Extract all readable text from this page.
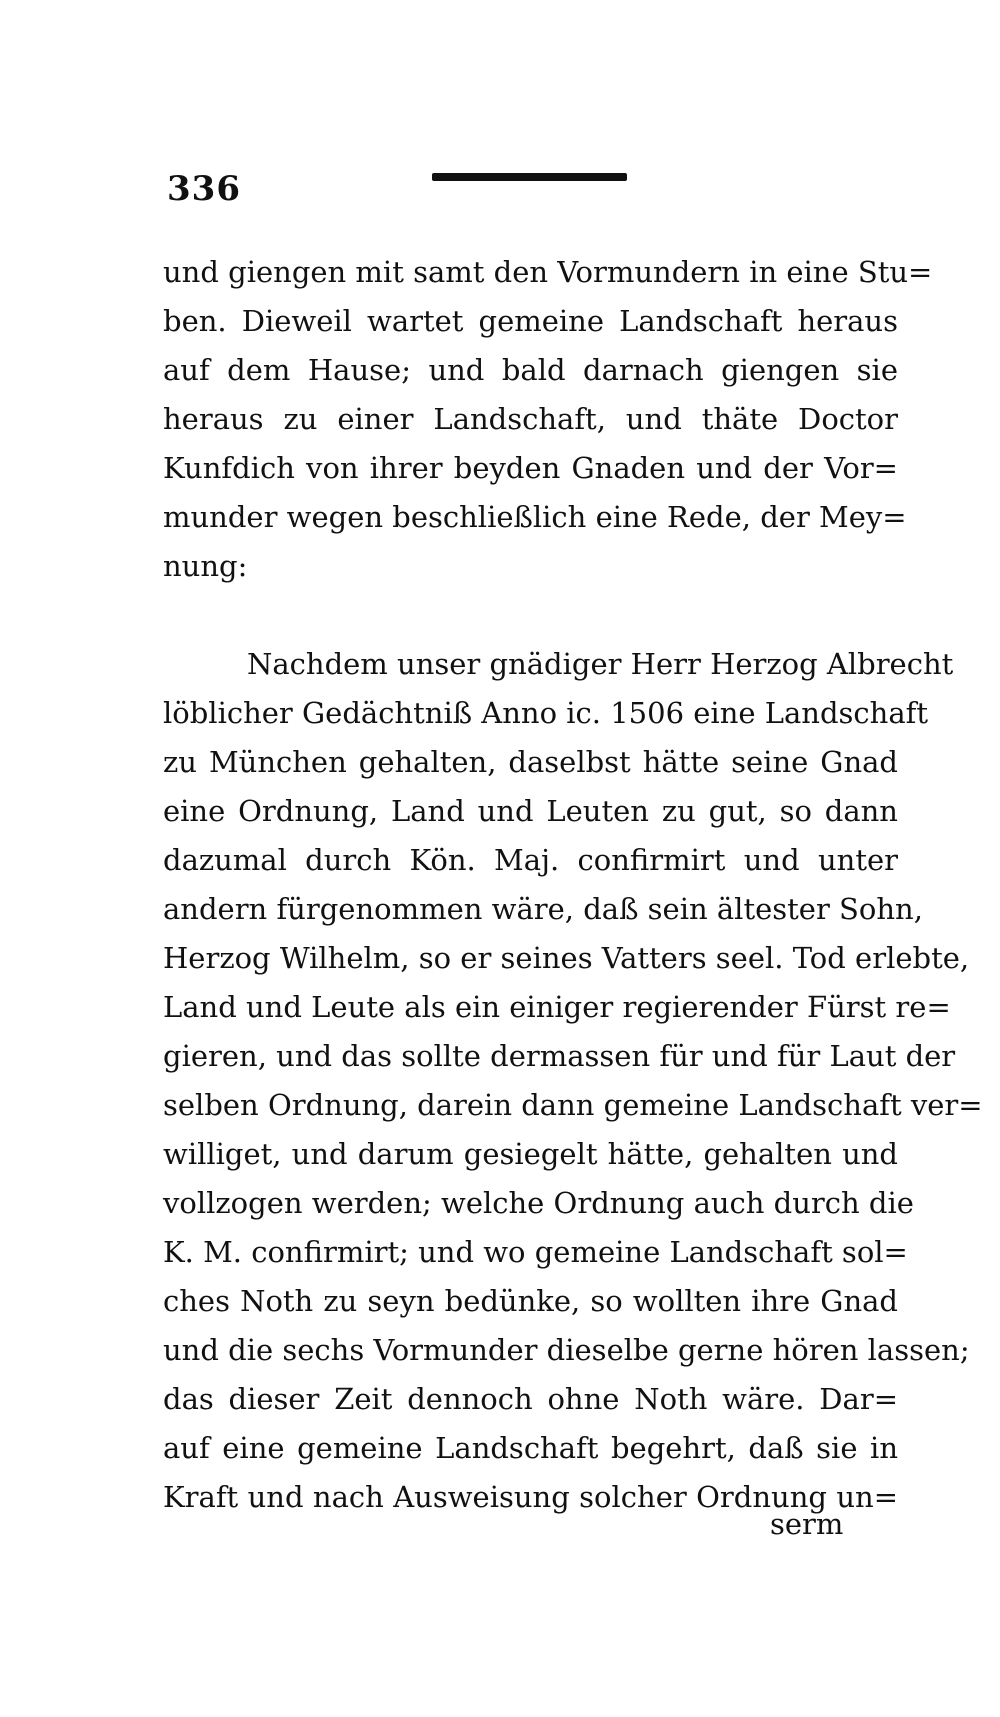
336
und giengen mit samt den Vormundern in eine Stu=
ben. Dieweil wartet gemeine Landschaft heraus
auf dem Hause; und bald darnach giengen sie
heraus zu einer Landschaft, und thäte Doctor
Kunfdich von ihrer beyden Gnaden und der Vor=
munder wegen beschließlich eine Rede, der Mey=
nung:
Nachdem unser gnädiger Herr Herzog Albrecht
löblicher Gedächtniß Anno ic. 1506 eine Landschaft
zu München gehalten, daselbst hätte seine Gnad
eine Ordnung, Land und Leuten zu gut, so dann
dazumal durch Kön. Maj. confirmirt und unter
andern fürgenommen wäre, daß sein ältester Sohn,
Herzog Wilhelm, so er seines Vatters seel. Tod erlebte,
Land und Leute als ein einiger regierender Fürst re=
gieren, und das sollte dermassen für und für Laut der
selben Ordnung, darein dann gemeine Landschaft ver=
williget, und darum gesiegelt hätte, gehalten und
vollzogen werden; welche Ordnung auch durch die
K. M. confirmirt; und wo gemeine Landschaft sol=
ches Noth zu seyn bedünke, so wollten ihre Gnad
und die sechs Vormunder dieselbe gerne hören lassen;
das dieser Zeit dennoch ohne Noth wäre. Dar=
auf eine gemeine Landschaft begehrt, daß sie in
Kraft und nach Ausweisung solcher Ordnung un=
serm
